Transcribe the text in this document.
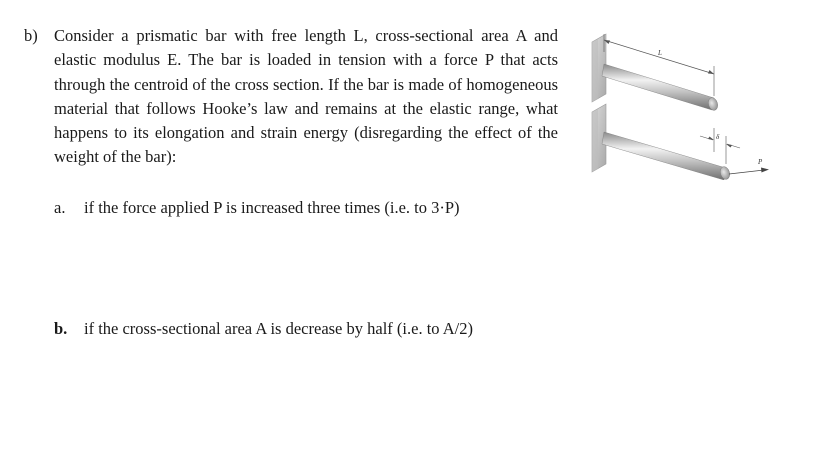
b) Consider a prismatic bar with free length L, cross-sectional area A and elastic modulus E. The bar is loaded in tension with a force P that acts through the centroid of the cross section. If the bar is made of homogeneous material that follows Hooke’s law and remains at the elastic range, what happens to its elongation and strain energy (disregarding the effect of the weight of the bar):
a. if the force applied P is increased three times (i.e. to 3·P)
b. if the cross-sectional area A is decrease by half (i.e. to A/2)
L
δ
P
